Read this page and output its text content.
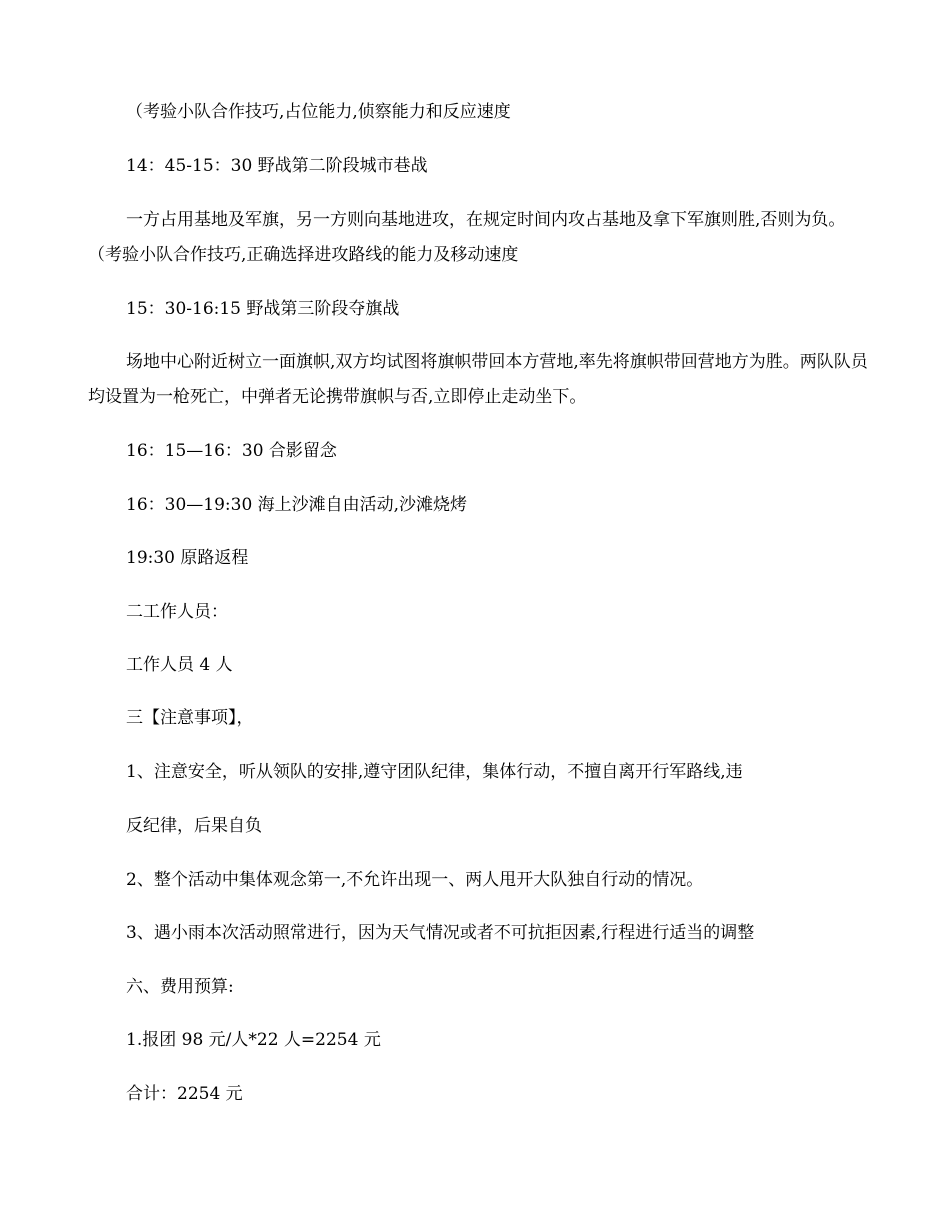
（考验小队合作技巧,占位能力,侦察能力和反应速度

14：45-15：30 野战第二阶段城市巷战

一方占用基地及军旗，另一方则向基地进攻，在规定时间内攻占基地及拿下军旗则胜,否则为负。（考验小队合作技巧,正确选择进攻路线的能力及移动速度

15：30-16:15 野战第三阶段夺旗战

场地中心附近树立一面旗帜,双方均试图将旗帜带回本方营地,率先将旗帜带回营地方为胜。两队队员均设置为一枪死亡，中弹者无论携带旗帜与否,立即停止走动坐下。

16：15—16：30 合影留念

16：30—19:30 海上沙滩自由活动,沙滩烧烤

19:30 原路返程

二工作人员：

工作人员 4 人

三【注意事项】，

1、注意安全，听从领队的安排,遵守团队纪律，集体行动，不擅自离开行军路线,违

反纪律，后果自负

2、整个活动中集体观念第一,不允许出现一、两人甩开大队独自行动的情况。

3、遇小雨本次活动照常进行，因为天气情况或者不可抗拒因素,行程进行适当的调整

六、费用预算:

1.报团 98 元/人*22 人=2254 元

合计：2254 元
